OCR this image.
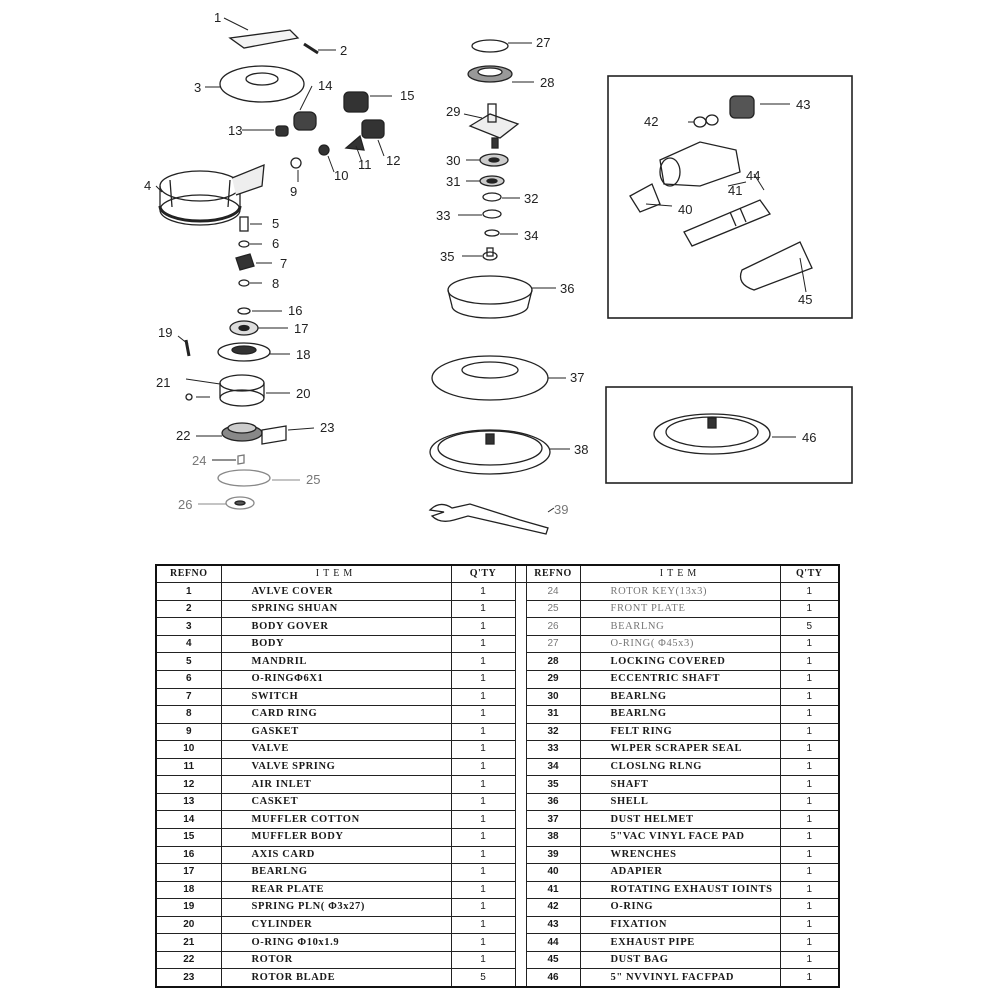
1
2
3	14
15
13
4	9
10
11 12
5
6
7
8
16
17
18
19
21
20
22
23
24
25
26
27
28
29
30
31
32
33
34
35
36
37
38
39
40
41
42
43
44
45
46
REFNO	ITEM	Q'TY		REFNO	ITEM	Q'TY
1	AVLVE COVER	1		24	ROTOR KEY(13x3)	1
2	SPRING SHUAN	1		25	FRONT PLATE	1
3	BODY GOVER	1		26	BEARLNG	5
4	BODY	1		27	O-RING( Φ45x3)	1
5	MANDRIL	1		28	LOCKING COVERED	1
6	O-RINGΦ6X1	1		29	ECCENTRIC SHAFT	1
7	SWITCH	1		30	BEARLNG	1
8	CARD RING	1		31	BEARLNG	1
9	GASKET	1		32	FELT RING	1
10	VALVE	1		33	WLPER SCRAPER SEAL	1
11	VALVE SPRING	1		34	CLOSLNG RLNG	1
12	AIR INLET	1		35	SHAFT	1
13	CASKET	1		36	SHELL	1
14	MUFFLER COTTON	1		37	DUST HELMET	1
15	MUFFLER BODY	1		38	5"VAC VINYL FACE PAD	1
16	AXIS CARD	1		39	WRENCHES	1
17	BEARLNG	1		40	ADAPIER	1
18	REAR PLATE	1		41	ROTATING EXHAUST IOINTS	1
19	SPRING PLN( Φ3x27)	1		42	O-RING	1
20	CYLINDER	1		43	FIXATION	1
21	O-RING Φ10x1.9	1		44	EXHAUST PIPE	1
22	ROTOR	1		45	DUST BAG	1
23	ROTOR BLADE	5		46	5" NVVINYL FACFPAD	1
